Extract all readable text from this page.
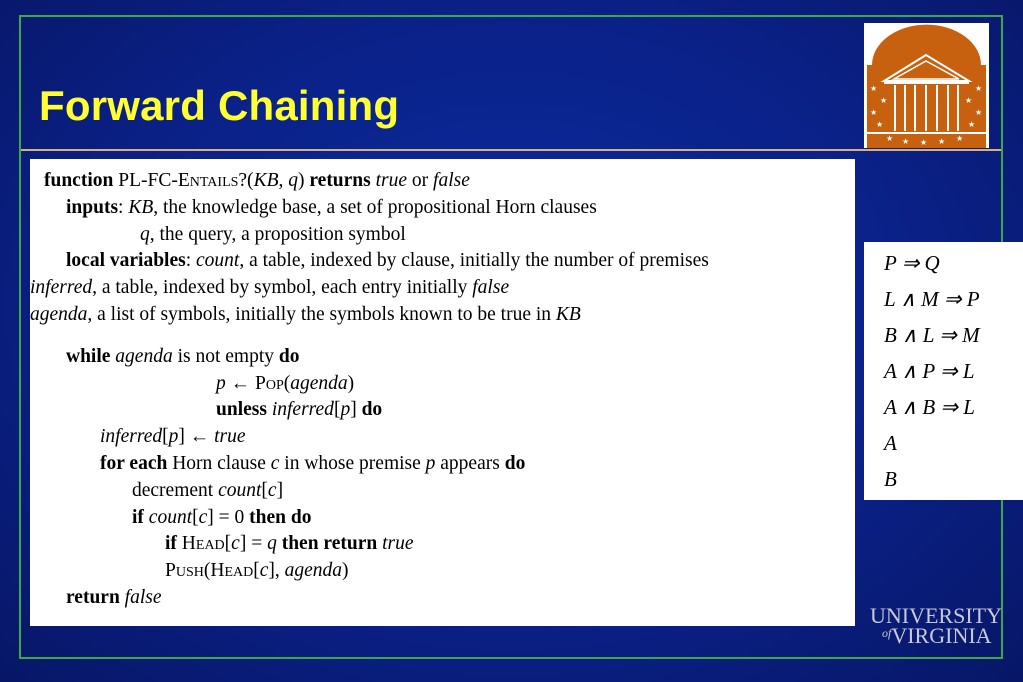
Forward Chaining	★
★
★
★
★
★
★ ★ ★ ★ ★
★	★
function PL-FC-Entails?(KB, q) returns true or false
inputs: KB, the knowledge base, a set of propositional Horn clauses
q, the query, a proposition symbol
local variables: count, a table, indexed by clause, initially the number of premises
inferred, a table, indexed by symbol, each entry initially false
agenda, a list of symbols, initially the symbols known to be true in KB
while agenda is not empty do
p ← Pop(agenda)
unless inferred[p] do
inferred[p] ← true
for each Horn clause c in whose premise p appears do
decrement count[c]
if count[c] = 0 then do
if Head[c] = q then return true
Push(Head[c], agenda)
return false
P ⇒ Q
L ∧ M ⇒ P
B ∧ L ⇒ M
A ∧ P ⇒ L
A ∧ B ⇒ L
A
B
UNIVERSITY
$^{of}$VIRGINIA
